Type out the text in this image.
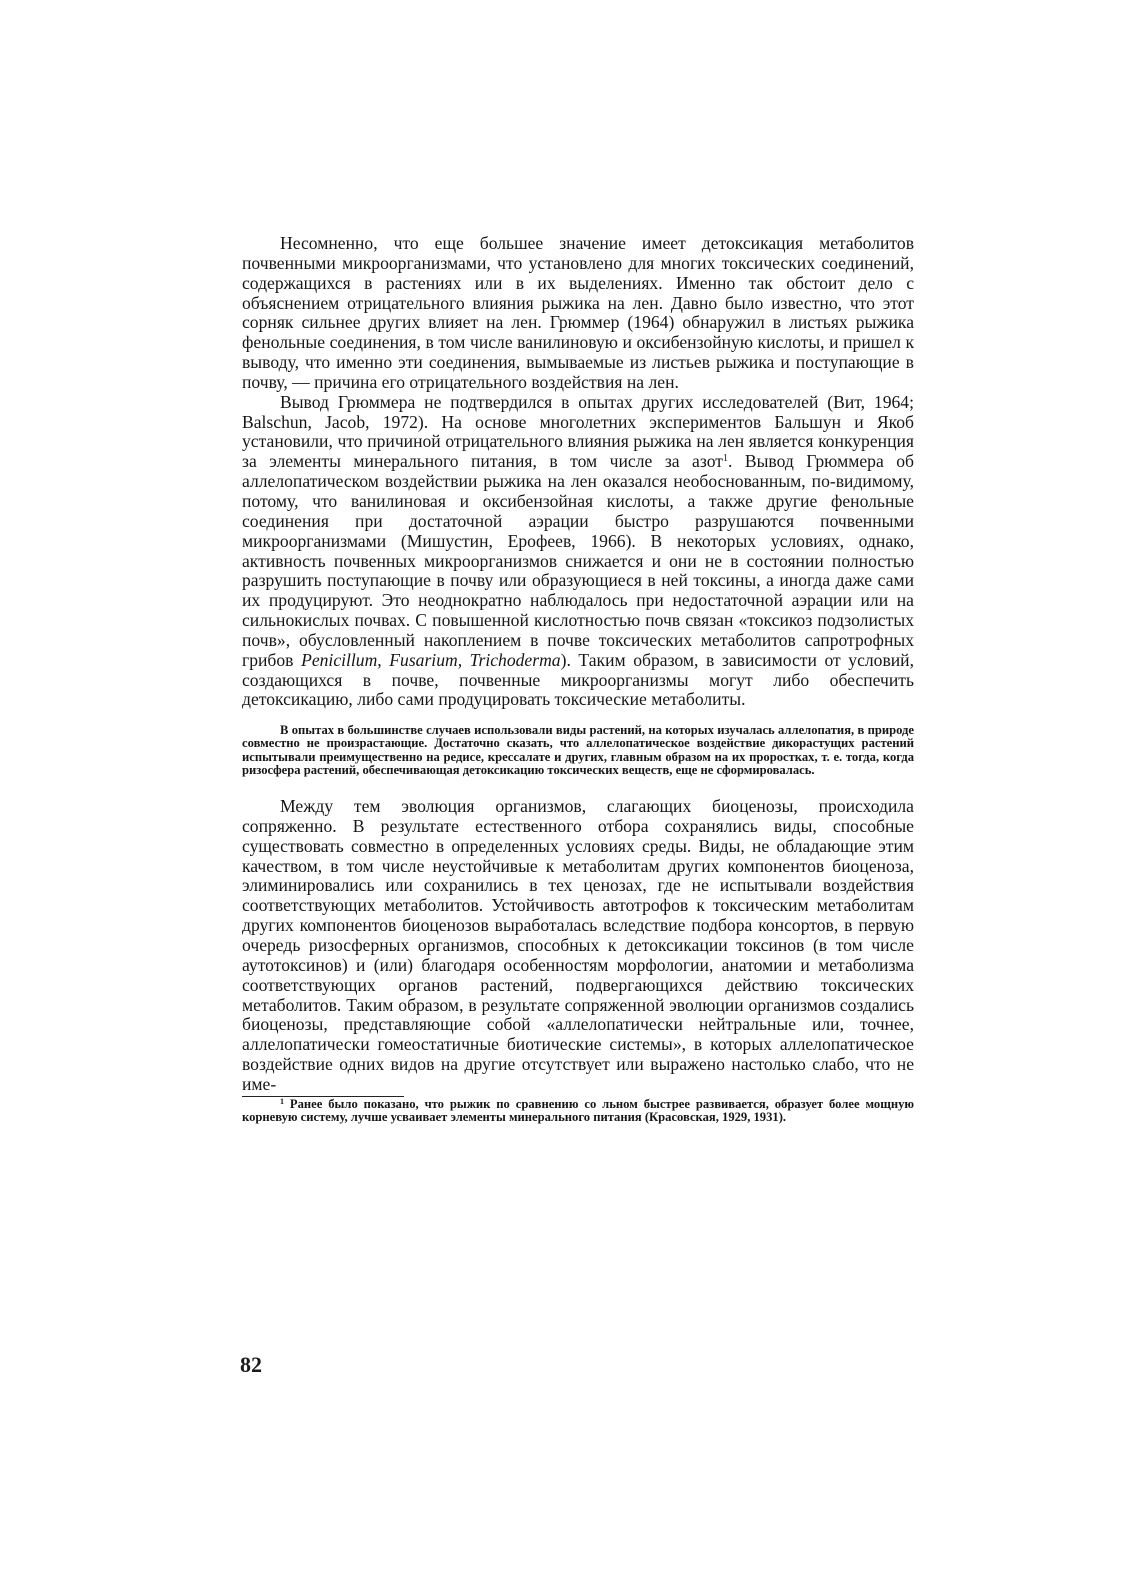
Несомненно, что еще большее значение имеет детоксикация метаболитов почвенными микроорганизмами, что установлено для многих токсических соединений, содержащихся в растениях или в их выделениях. Именно так обстоит дело с объяснением отрицательного влияния рыжика на лен. Давно было известно, что этот сорняк сильнее других влияет на лен. Грюммер (1964) обнаружил в листьях рыжика фенольные соединения, в том числе ванилиновую и оксибензойную кислоты, и пришел к выводу, что именно эти соединения, вымываемые из листьев рыжика и поступающие в почву, — причина его отрицательного воздействия на лен.

Вывод Грюммера не подтвердился в опытах других исследователей (Вит, 1964; Balschun, Jacob, 1972). На основе многолетних экспериментов Бальшун и Якоб установили, что причиной отрицательного влияния рыжика на лен является конкуренция за элементы минерального питания, в том числе за азот$^1$. Вывод Грюммера об аллелопатическом воздействии рыжика на лен оказался необоснованным, по-видимому, потому, что ванилиновая и оксибензойная кислоты, а также другие фенольные соединения при достаточной аэрации быстро разрушаются почвенными микроорганизмами (Мишустин, Ерофеев, 1966). В некоторых условиях, однако, активность почвенных микроорганизмов снижается и они не в состоянии полностью разрушить поступающие в почву или образующиеся в ней токсины, а иногда даже сами их продуцируют. Это неоднократно наблюдалось при недостаточной аэрации или на сильнокислых почвах. С повышенной кислотностью почв связан «токсикоз подзолистых почв», обусловленный накоплением в почве токсических метаболитов сапротрофных грибов Penicillum, Fusarium, Trichoderma). Таким образом, в зависимости от условий, создающихся в почве, почвенные микроорганизмы могут либо обеспечить детоксикацию, либо сами продуцировать токсические метаболиты.

В опытах в большинстве случаев использовали виды растений, на которых изучалась аллелопатия, в природе совместно не произрастающие. Достаточно сказать, что аллелопатическое воздействие дикорастущих растений испытывали преимущественно на редисе, крессалате и других, главным образом на их проростках, т. е. тогда, когда ризосфера растений, обеспечивающая детоксикацию токсических веществ, еще не сформировалась.

Между тем эволюция организмов, слагающих биоценозы, происходила сопряженно. В результате естественного отбора сохранялись виды, способные существовать совместно в определенных условиях среды. Виды, не обладающие этим качеством, в том числе неустойчивые к метаболитам других компонентов биоценоза, элиминировались или сохранились в тех ценозах, где не испытывали воздействия соответствующих метаболитов. Устойчивость автотрофов к токсическим метаболитам других компонентов биоценозов выработалась вследствие подбора консортов, в первую очередь ризосферных организмов, способных к детоксикации токсинов (в том числе аутотоксинов) и (или) благодаря особенностям морфологии, анатомии и метаболизма соответствующих органов растений, подвергающихся действию токсических метаболитов. Таким образом, в результате сопряженной эволюции организмов создались биоценозы, представляющие собой «аллелопатически нейтральные или, точнее, аллелопатически гомеостатичные биотические системы», в которых аллелопатическое воздействие одних видов на другие отсутствует или выражено настолько слабо, что не име-

$^1$ Ранее было показано, что рыжик по сравнению со льном быстрее развивается, образует более мощную корневую систему, лучше усваивает элементы минерального питания (Красовская, 1929, 1931).

82
